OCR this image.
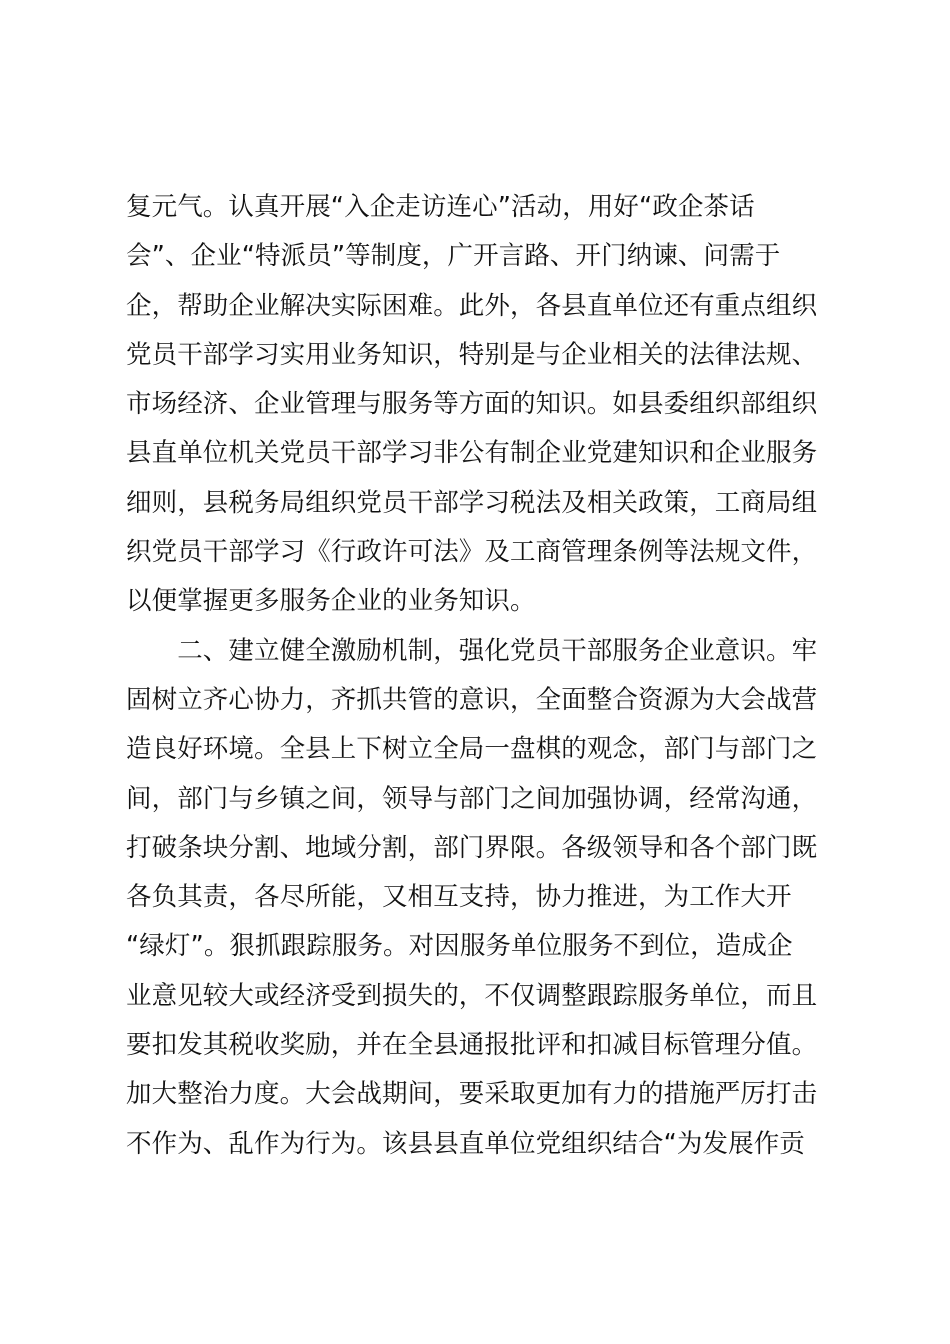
复元气。认真开展“入企走访连心”活动，用好“政企茶话
会”、企业“特派员”等制度，广开言路、开门纳谏、问需于
企，帮助企业解决实际困难。此外，各县直单位还有重点组织
党员干部学习实用业务知识，特别是与企业相关的法律法规、
市场经济、企业管理与服务等方面的知识。如县委组织部组织
县直单位机关党员干部学习非公有制企业党建知识和企业服务
细则，县税务局组织党员干部学习税法及相关政策，工商局组
织党员干部学习《行政许可法》及工商管理条例等法规文件，
以便掌握更多服务企业的业务知识。
　　二、建立健全激励机制，强化党员干部服务企业意识。牢
固树立齐心协力，齐抓共管的意识，全面整合资源为大会战营
造良好环境。全县上下树立全局一盘棋的观念，部门与部门之
间，部门与乡镇之间，领导与部门之间加强协调，经常沟通，
打破条块分割、地域分割，部门界限。各级领导和各个部门既
各负其责，各尽所能，又相互支持，协力推进，为工作大开
“绿灯”。狠抓跟踪服务。对因服务单位服务不到位，造成企
业意见较大或经济受到损失的，不仅调整跟踪服务单位，而且
要扣发其税收奖励，并在全县通报批评和扣减目标管理分值。
加大整治力度。大会战期间，要采取更加有力的措施严厉打击
不作为、乱作为行为。该县县直单位党组织结合“为发展作贡
